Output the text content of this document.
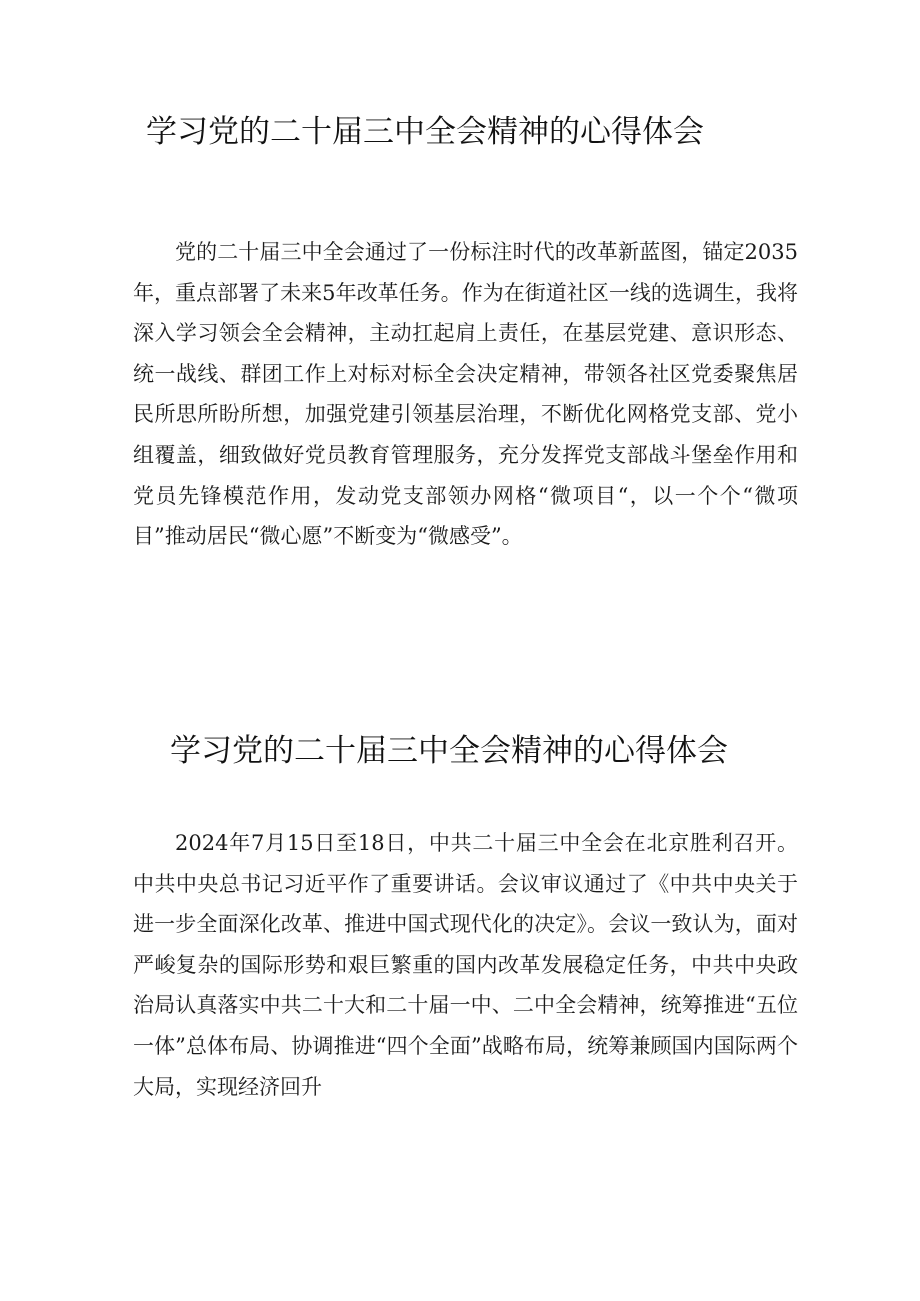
学习党的二十届三中全会精神的心得体会

党的二十届三中全会通过了一份标注时代的改革新蓝图，锚定2035年，重点部署了未来5年改革任务。作为在街道社区一线的选调生，我将深入学习领会全会精神，主动扛起肩上责任，在基层党建、意识形态、统一战线、群团工作上对标对标全会决定精神，带领各社区党委聚焦居民所思所盼所想，加强党建引领基层治理，不断优化网格党支部、党小组覆盖，细致做好党员教育管理服务，充分发挥党支部战斗堡垒作用和党员先锋模范作用，发动党支部领办网格“微项目“，以一个个“微项目”推动居民“微心愿”不断变为“微感受”。

学习党的二十届三中全会精神的心得体会

2024年7月15日至18日，中共二十届三中全会在北京胜利召开。中共中央总书记习近平作了重要讲话。会议审议通过了《中共中央关于进一步全面深化改革、推进中国式现代化的决定》。会议一致认为，面对严峻复杂的国际形势和艰巨繁重的国内改革发展稳定任务，中共中央政治局认真落实中共二十大和二十届一中、二中全会精神，统筹推进“五位一体”总体布局、协调推进“四个全面”战略布局，统筹兼顾国内国际两个大局，实现经济回升
